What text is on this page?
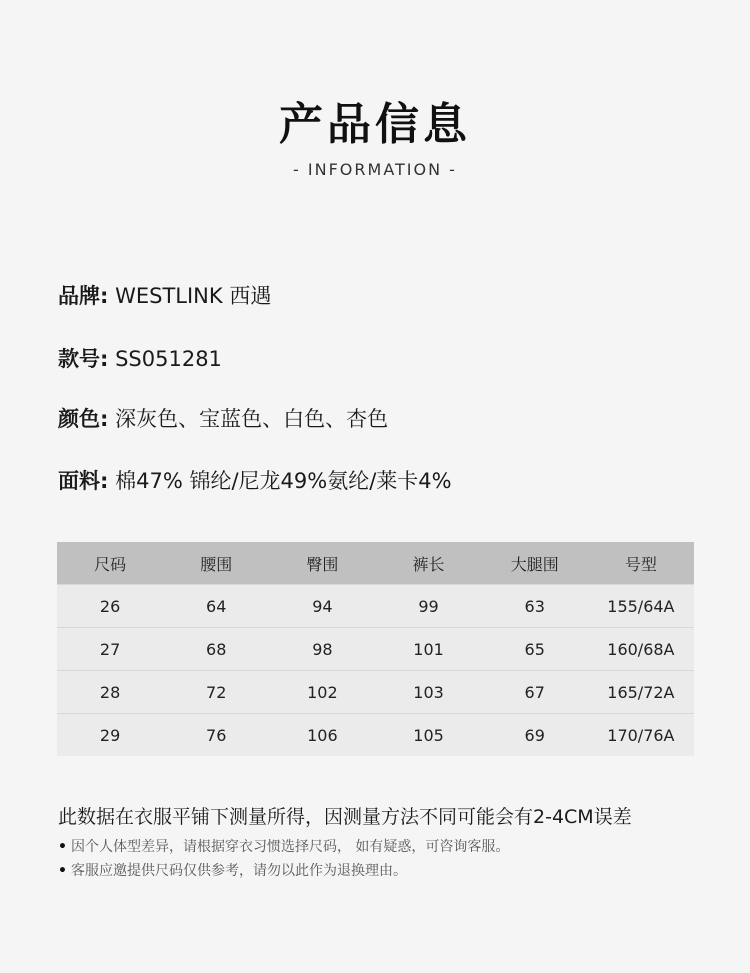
产品信息
- INFORMATION -
品牌: WESTLINK 西遇
款号: SS051281
颜色: 深灰色、宝蓝色、白色、杏色
面料: 棉47% 锦纶/尼龙49%氨纶/莱卡4%
尺码	腰围	臀围	裤长	大腿围	号型
26	64	94	99	63	155/64A
27	68	98	101	65	160/68A
28	72	102	103	67	165/72A
29	76	106	105	69	170/76A
此数据在衣服平铺下测量所得，因测量方法不同可能会有2-4CM误差
• 因个人体型差异，请根据穿衣习惯选择尺码， 如有疑惑，可咨询客服。
• 客服应邀提供尺码仅供参考，请勿以此作为退换理由。
